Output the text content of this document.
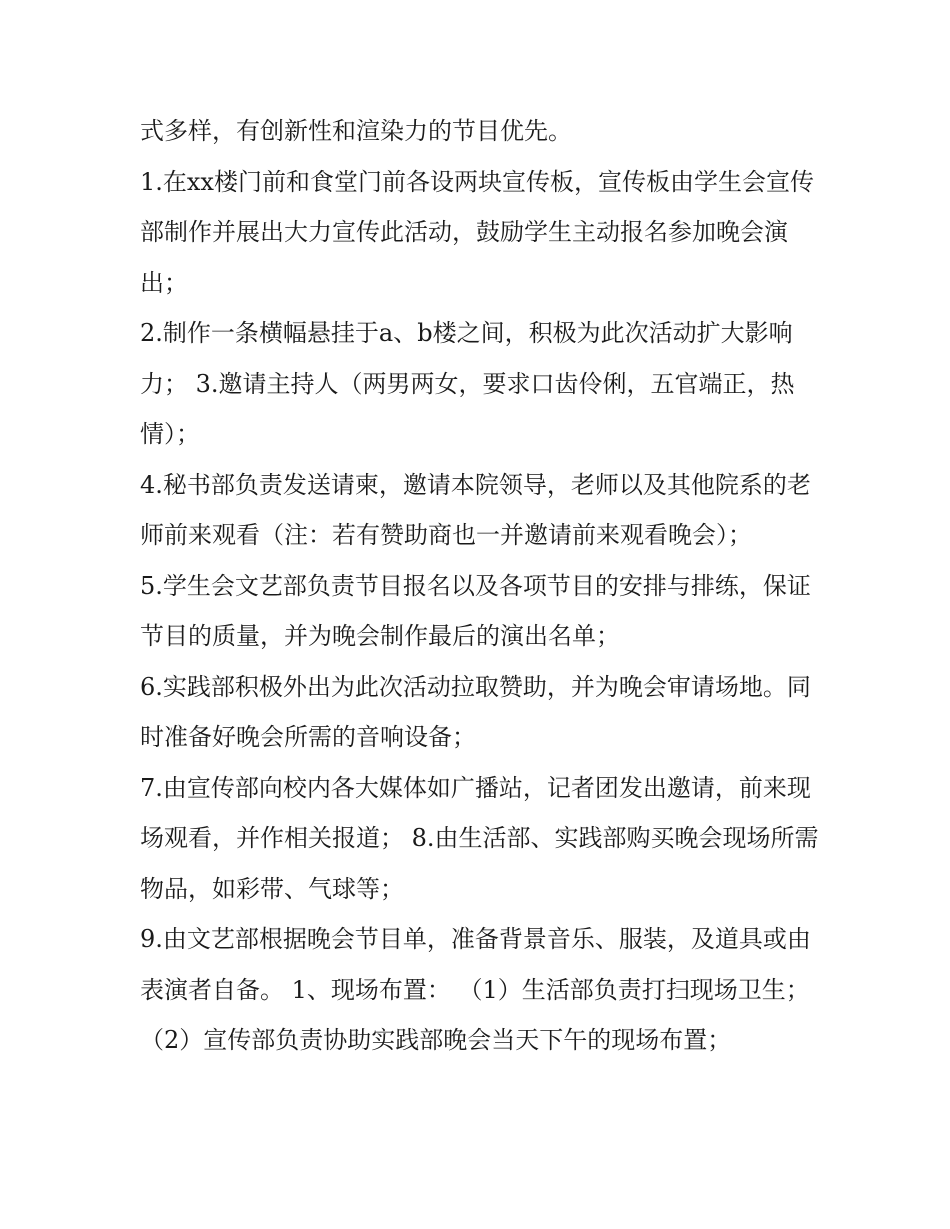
式多样，有创新性和渲染力的节目优先。

1.在xx楼门前和食堂门前各设两块宣传板，宣传板由学生会宣传部制作并展出大力宣传此活动，鼓励学生主动报名参加晚会演出；

2.制作一条横幅悬挂于a、b楼之间，积极为此次活动扩大影响力； 3.邀请主持人（两男两女，要求口齿伶俐，五官端正，热情）；

4.秘书部负责发送请柬，邀请本院领导，老师以及其他院系的老师前来观看（注：若有赞助商也一并邀请前来观看晚会）；

5.学生会文艺部负责节目报名以及各项节目的安排与排练，保证节目的质量，并为晚会制作最后的演出名单；

6.实践部积极外出为此次活动拉取赞助，并为晚会审请场地。同时准备好晚会所需的音响设备；

7.由宣传部向校内各大媒体如广播站，记者团发出邀请，前来现场观看，并作相关报道； 8.由生活部、实践部购买晚会现场所需物品，如彩带、气球等；

9.由文艺部根据晚会节目单，准备背景音乐、服装，及道具或由表演者自备。 1、现场布置： （1）生活部负责打扫现场卫生；

（2）宣传部负责协助实践部晚会当天下午的现场布置；
